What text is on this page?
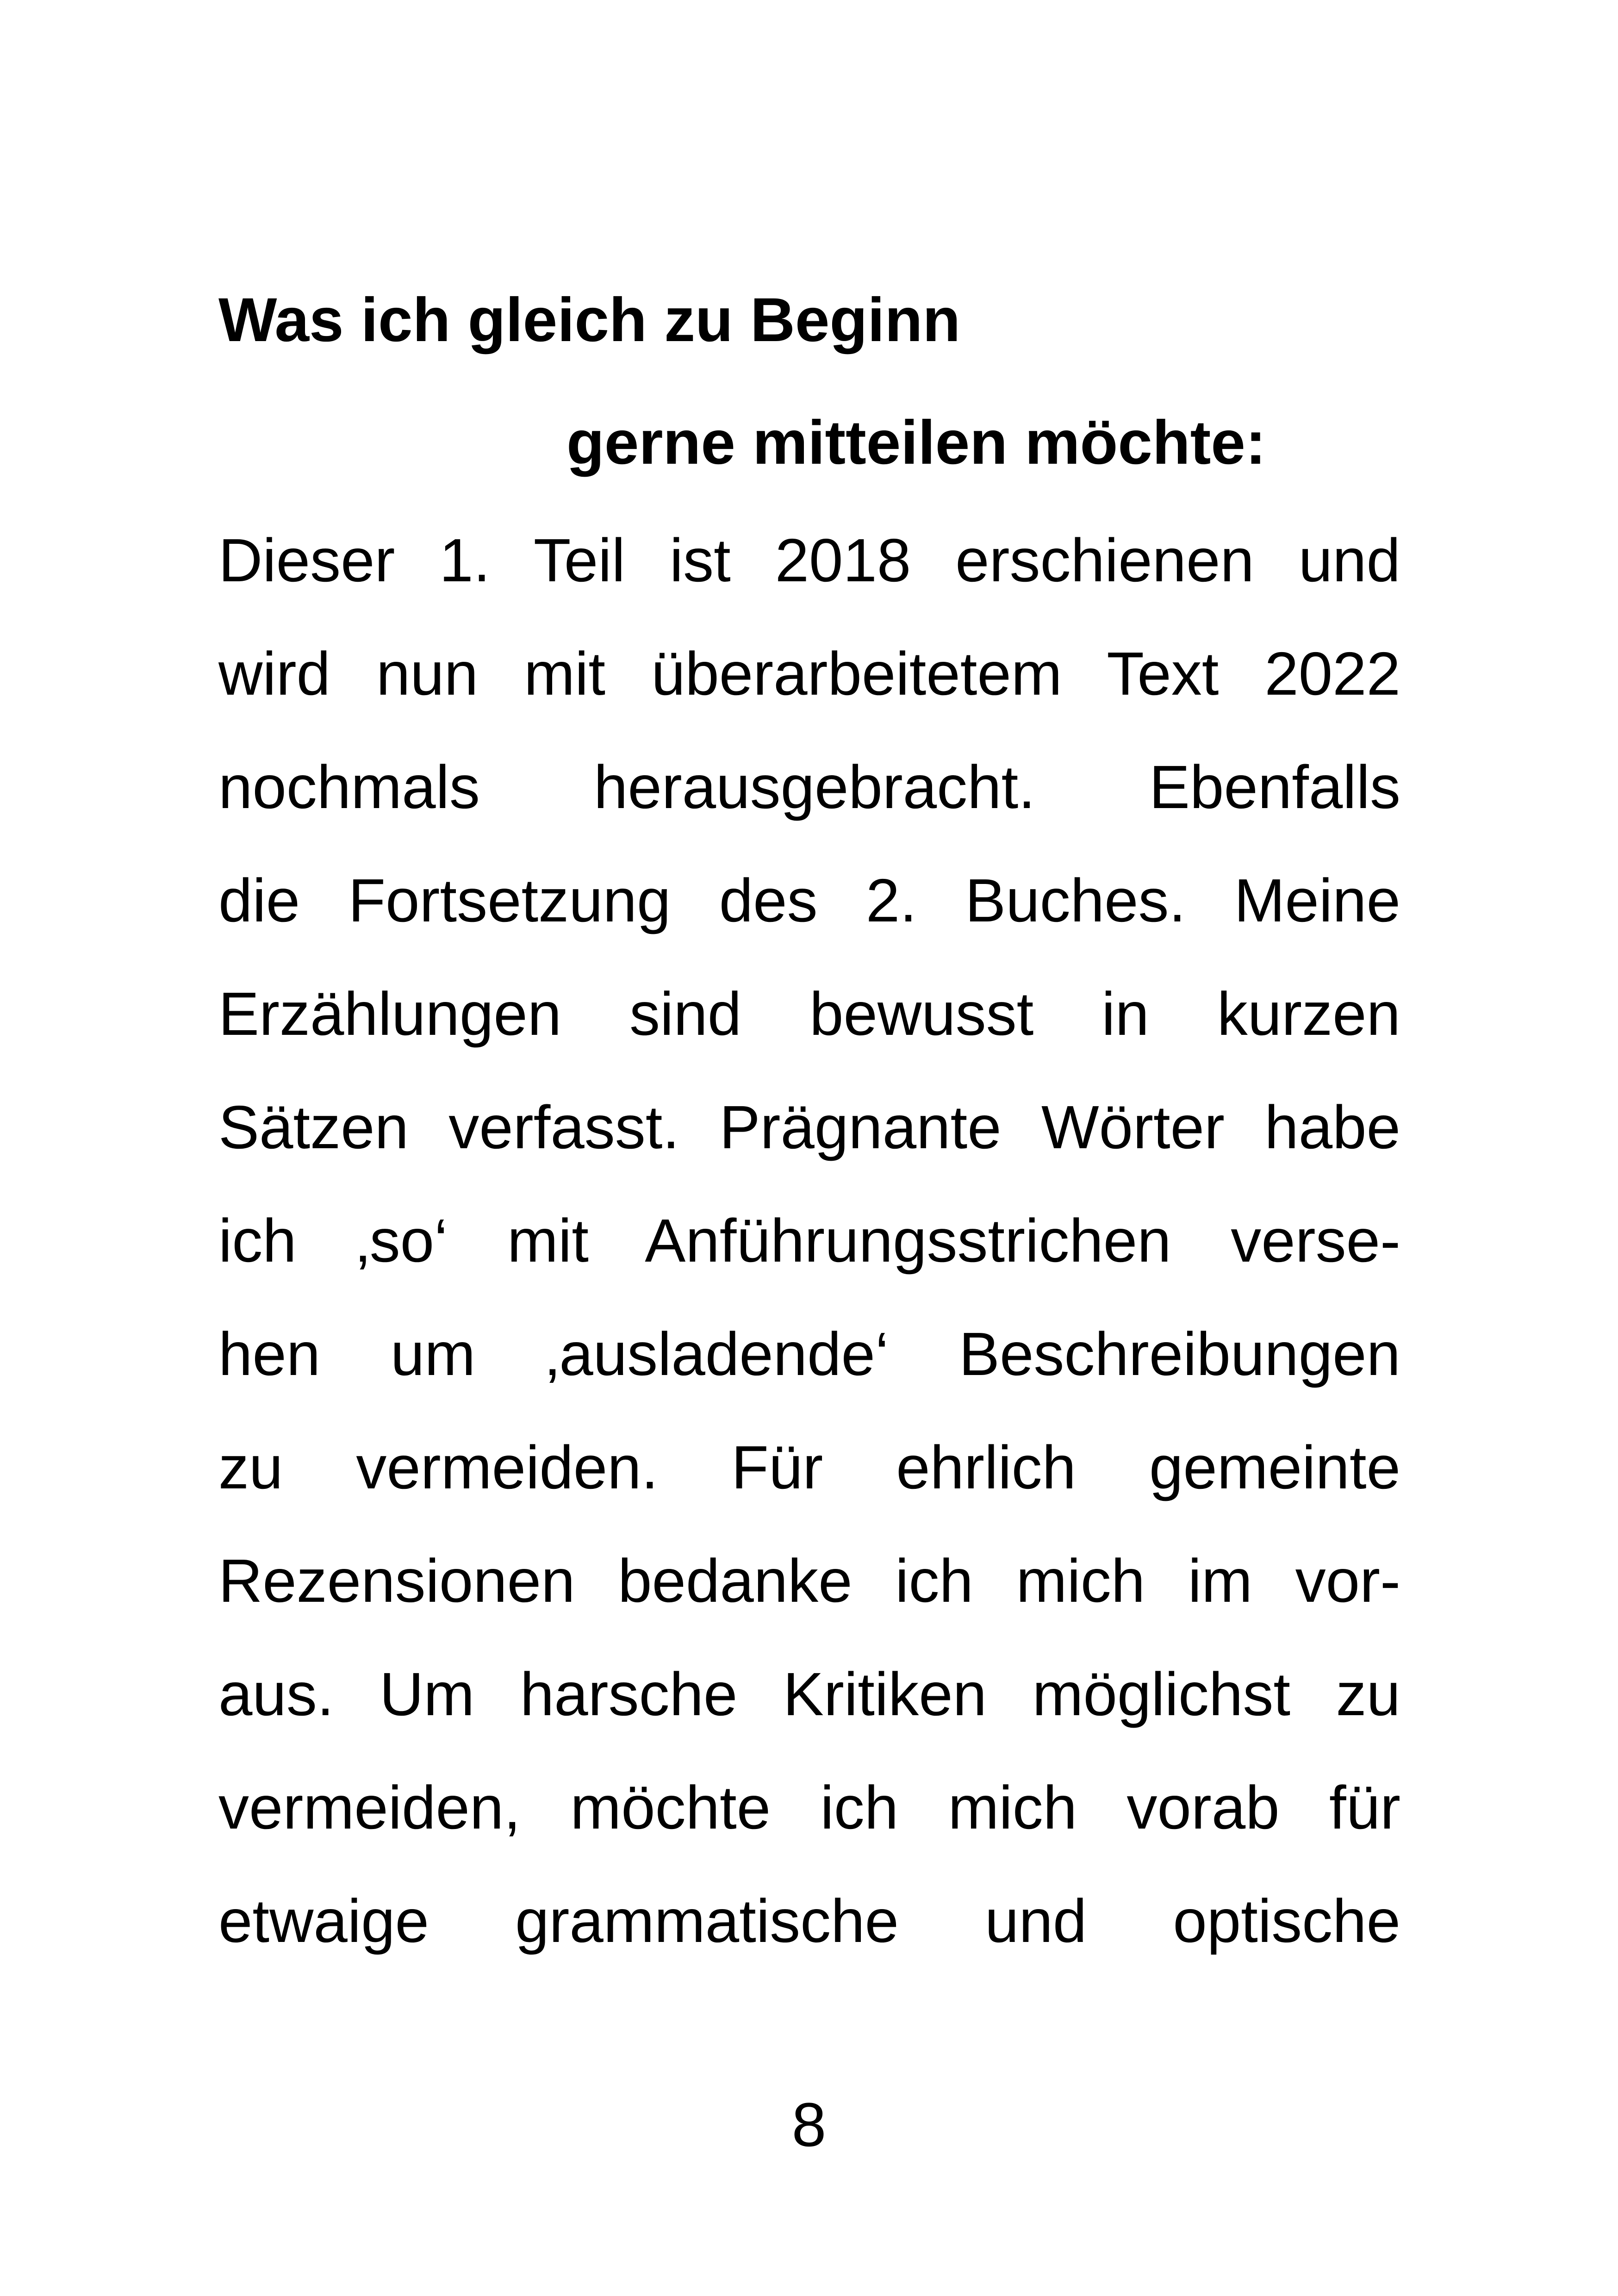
Was ich gleich zu Beginn
gerne mitteilen möchte:

Dieser 1. Teil ist 2018 erschienen und

wird nun mit überarbeitetem Text 2022

nochmals herausgebracht. Ebenfalls

die Fortsetzung des 2. Buches. Meine

Erzählungen sind bewusst in kurzen

Sätzen verfasst. Prägnante Wörter habe

ich ‚so‘ mit Anführungsstrichen verse-

hen um ‚ausladende‘ Beschreibungen

zu vermeiden. Für ehrlich gemeinte

Rezensionen bedanke ich mich im vor-

aus. Um harsche Kritiken möglichst zu

vermeiden, möchte ich mich vorab für

etwaige grammatische und optische

8
